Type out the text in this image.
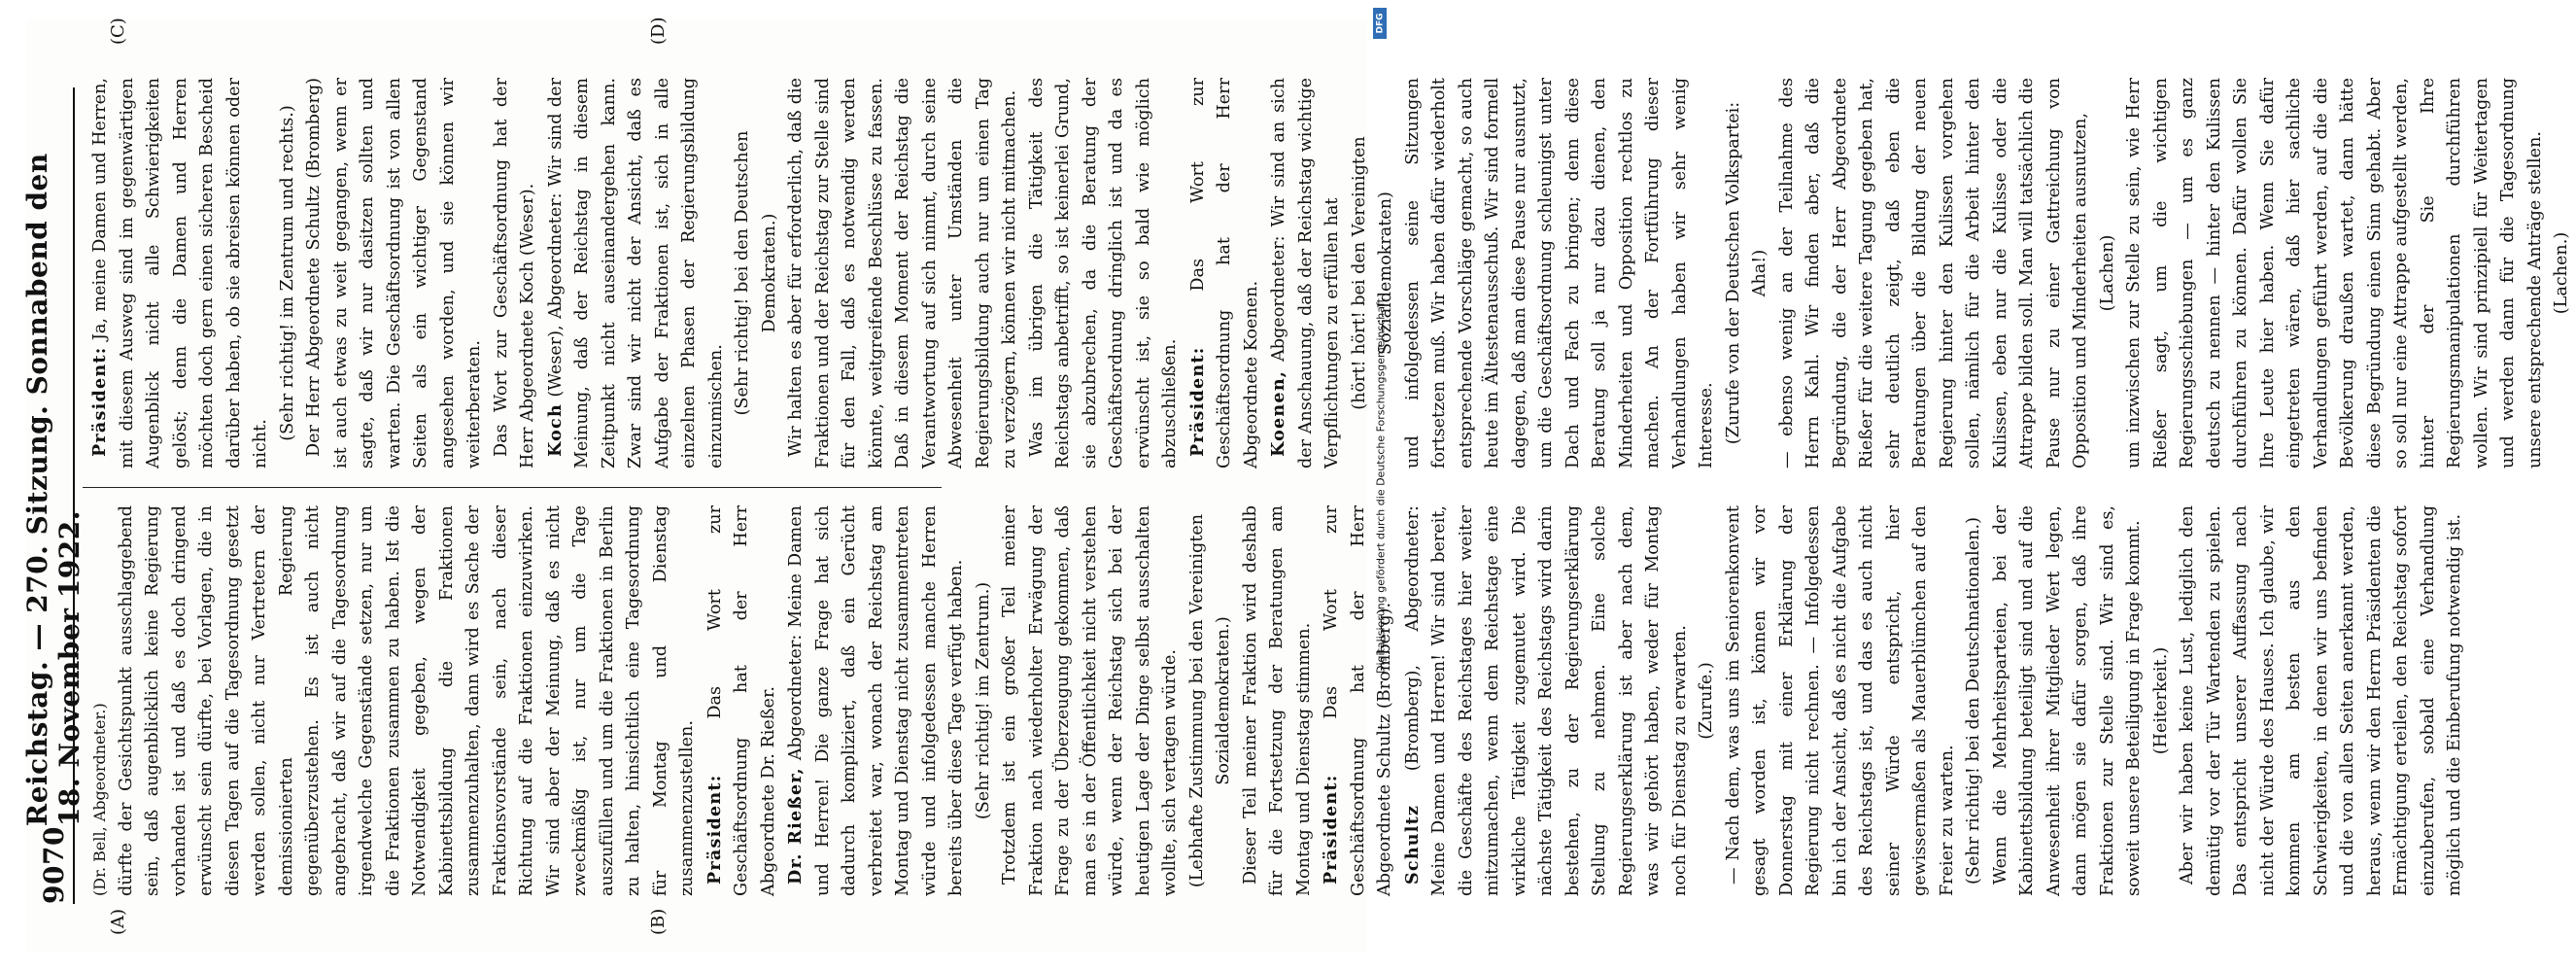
9070
Reichstag. — 270. Sitzung. Sonnabend den 18. November 1922.
(A)	(B)
(C)	(D)

(Dr. Bell, Abgeordneter.) dürfte der Gesichtspunkt ausschlaggebend sein, daß augenblicklich keine Regierung vorhanden ist und daß es doch dringend erwünscht sein dürfte, bei Vorlagen, die in diesen Tagen auf die Tagesordnung gesetzt werden sollen, nicht nur Vertretern der demissionierten Regierung gegenüberzustehen. Es ist auch nicht angebracht, daß wir auf die Tagesordnung irgendwelche Gegenstände setzen, nur um die Fraktionen zusammen zu haben. Ist die Notwendigkeit gegeben, wegen der Kabinettsbildung die Fraktionen zusammenzuhalten, dann wird es Sache der Fraktionsvorstände sein, nach dieser Richtung auf die Fraktionen einzuwirken. Wir sind aber der Meinung, daß es nicht zweckmäßig ist, nur um die Tage auszufüllen und um die Fraktionen in Berlin zu halten, hinsichtlich eine Tagesordnung für Montag und Dienstag zusammenzustellen. Präsident: Das Wort zur Geschäftsordnung hat der Herr Abgeordnete Dr. Rießer. Dr. Rießer, Abgeordneter: Meine Damen und Herren! Die ganze Frage hat sich dadurch kompliziert, daß ein Gerücht verbreitet war, wonach der Reichstag am Montag und Dienstag nicht zusammentreten würde und infolgedessen manche Herren bereits über diese Tage verfügt haben. (Sehr richtig! im Zentrum.) Trotzdem ist ein großer Teil meiner Fraktion nach wiederholter Erwägung der Frage zu der Überzeugung gekommen, daß man es in der Öffentlichkeit nicht verstehen würde, wenn der Reichstag sich bei der heutigen Lage der Dinge selbst ausschalten wollte, sich vertagen würde. (Lebhafte Zustimmung bei den Vereinigten Sozialdemokraten.) Dieser Teil meiner Fraktion wird deshalb für die Fortsetzung der Beratungen am Montag und Dienstag stimmen. Präsident: Das Wort zur Geschäftsordnung hat der Herr Abgeordnete Schultz (Bromberg). Schultz (Bromberg), Abgeordneter: Meine Damen und Herren! Wir sind bereit, die Geschäfte des Reichstages hier weiter mitzumachen, wenn dem Reichstage eine wirkliche Tätigkeit zugemutet wird. Die nächste Tätigkeit des Reichstags wird darin bestehen, zu der Regierungserklärung Stellung zu nehmen. Eine solche Regierungserklärung ist aber nach dem, was wir gehört haben, weder für Montag noch für Dienstag zu erwarten. (Zurufe.) — Nach dem, was uns im Seniorenkonvent gesagt worden ist, können wir vor Donnerstag mit einer Erklärung der Regierung nicht rechnen. — Infolgedessen bin ich der Ansicht, daß es nicht die Aufgabe des Reichstags ist, und das es auch nicht seiner Würde entspricht, hier gewissermaßen als Mauerblümchen auf den Freier zu warten. (Sehr richtig! bei den Deutschnationalen.) Wenn die Mehrheitsparteien, bei der Kabinettsbildung beteiligt sind und auf die Anwesenheit ihrer Mitglieder Wert legen, dann mögen sie dafür sorgen, daß ihre Fraktionen zur Stelle sind. Wir sind es, soweit unsere Beteiligung in Frage kommt. (Heiterkeit.) Aber wir haben keine Lust, lediglich den demütig vor der Tür Wartenden zu spielen. Das entspricht unserer Auffassung nach nicht der Würde des Hauses. Ich glaube, wir kommen am besten aus den Schwierigkeiten, in denen wir uns befinden und die von allen Seiten anerkannt werden, heraus, wenn wir den Herrn Präsidenten die Ermächtigung erteilen, den Reichstag sofort einzuberufen, sobald eine Verhandlung möglich und die Einberufung notwendig ist.

Präsident: Ja, meine Damen und Herren, mit diesem Ausweg sind im gegenwärtigen Augenblick nicht alle Schwierigkeiten gelöst; denn die Damen und Herren möchten doch gern einen sicheren Bescheid darüber haben, ob sie abreisen können oder nicht.

(Sehr richtig! im Zentrum und rechts.) Der Herr Abgeordnete Schultz (Bromberg) ist auch etwas zu weit gegangen, wenn er sagte, daß wir nur dasitzen sollten und warten. Die Geschäftsordnung ist von allen Seiten als ein wichtiger Gegenstand angesehen worden, und sie können wir weiterberaten. Das Wort zur Geschäftsordnung hat der Herr Abgeordnete Koch (Weser). Koch (Weser), Abgeordneter: Wir sind der Meinung, daß der Reichstag in diesem Zeitpunkt nicht auseinandergehen kann. Zwar sind wir nicht der Ansicht, daß es Aufgabe der Fraktionen ist, sich in alle einzelnen Phasen der Regierungsbildung einzumischen. (Sehr richtig! bei den Deutschen Demokraten.) Wir halten es aber für erforderlich, daß die Fraktionen und der Reichstag zur Stelle sind für den Fall, daß es notwendig werden könnte, weitgreifende Beschlüsse zu fassen. Daß in diesem Moment der Reichstag die Verantwortung auf sich nimmt, durch seine Abwesenheit unter Umständen die Regierungsbildung auch nur um einen Tag zu verzögern, können wir nicht mitmachen. Was im übrigen die Tätigkeit des Reichstags anbetrifft, so ist keinerlei Grund, sie abzubrechen, da die Beratung der Geschäftsordnung dringlich ist und da es erwünscht ist, sie so bald wie möglich abzuschließen. Präsident: Das Wort zur Geschäftsordnung hat der Herr Abgeordnete Koenen. Koenen, Abgeordneter: Wir sind an sich der Anschauung, daß der Reichstag wichtige Verpflichtungen zu erfüllen hat (hört! hört! bei den Vereinigten Sozialdemokraten) und infolgedessen seine Sitzungen fortsetzen muß. Wir haben dafür wiederholt entsprechende Vorschläge gemacht, so auch heute im Ältestenausschuß. Wir sind formell dagegen, daß man diese Pause nur ausnutzt, um die Geschäftsordnung schleunigst unter Dach und Fach zu bringen; denn diese Beratung soll ja nur dazu dienen, den Minderheiten und Opposition rechtlos zu machen. An der Fortführung dieser Verhandlungen haben wir sehr wenig Interesse. (Zurufe von der Deutschen Volkspartei: Aha!) — ebenso wenig an der Teilnahme des Herrn Kahl. Wir finden aber, daß die Begründung, die der Herr Abgeordnete Rießer für die weitere Tagung gegeben hat, sehr deutlich zeigt, daß eben die Beratungen über die Bildung der neuen Regierung hinter den Kulissen vorgehen sollen, nämlich für die Arbeit hinter den Kulissen, eben nur die Kulisse oder die Attrappe bilden soll. Man will tatsächlich die Pause nur zu einer Gattreichung von Opposition und Minderheiten ausnutzen, (Lachen) um inzwischen zur Stelle zu sein, wie Herr Rießer sagt, um die wichtigen Regierungsschiebungen — um es ganz deutsch zu nennen — hinter den Kulissen durchführen zu können. Dafür wollen Sie Ihre Leute hier haben. Wenn Sie dafür eingetreten wären, daß hier sachliche Verhandlungen geführt werden, auf die die Bevölkerung draußen wartet, dann hätte diese Begründung einen Sinn gehabt. Aber so soll nur eine Attrappe aufgestellt werden, hinter der Sie Ihre Regierungsmanipulationen durchführen wollen. Wir sind prinzipiell für Weitertagen und werden dann für die Tagesordnung unsere entsprechende Anträge stellen. (Lachen.)

DFG
Digitalisierung gefördert durch die Deutsche Forschungsgemeinschaft
